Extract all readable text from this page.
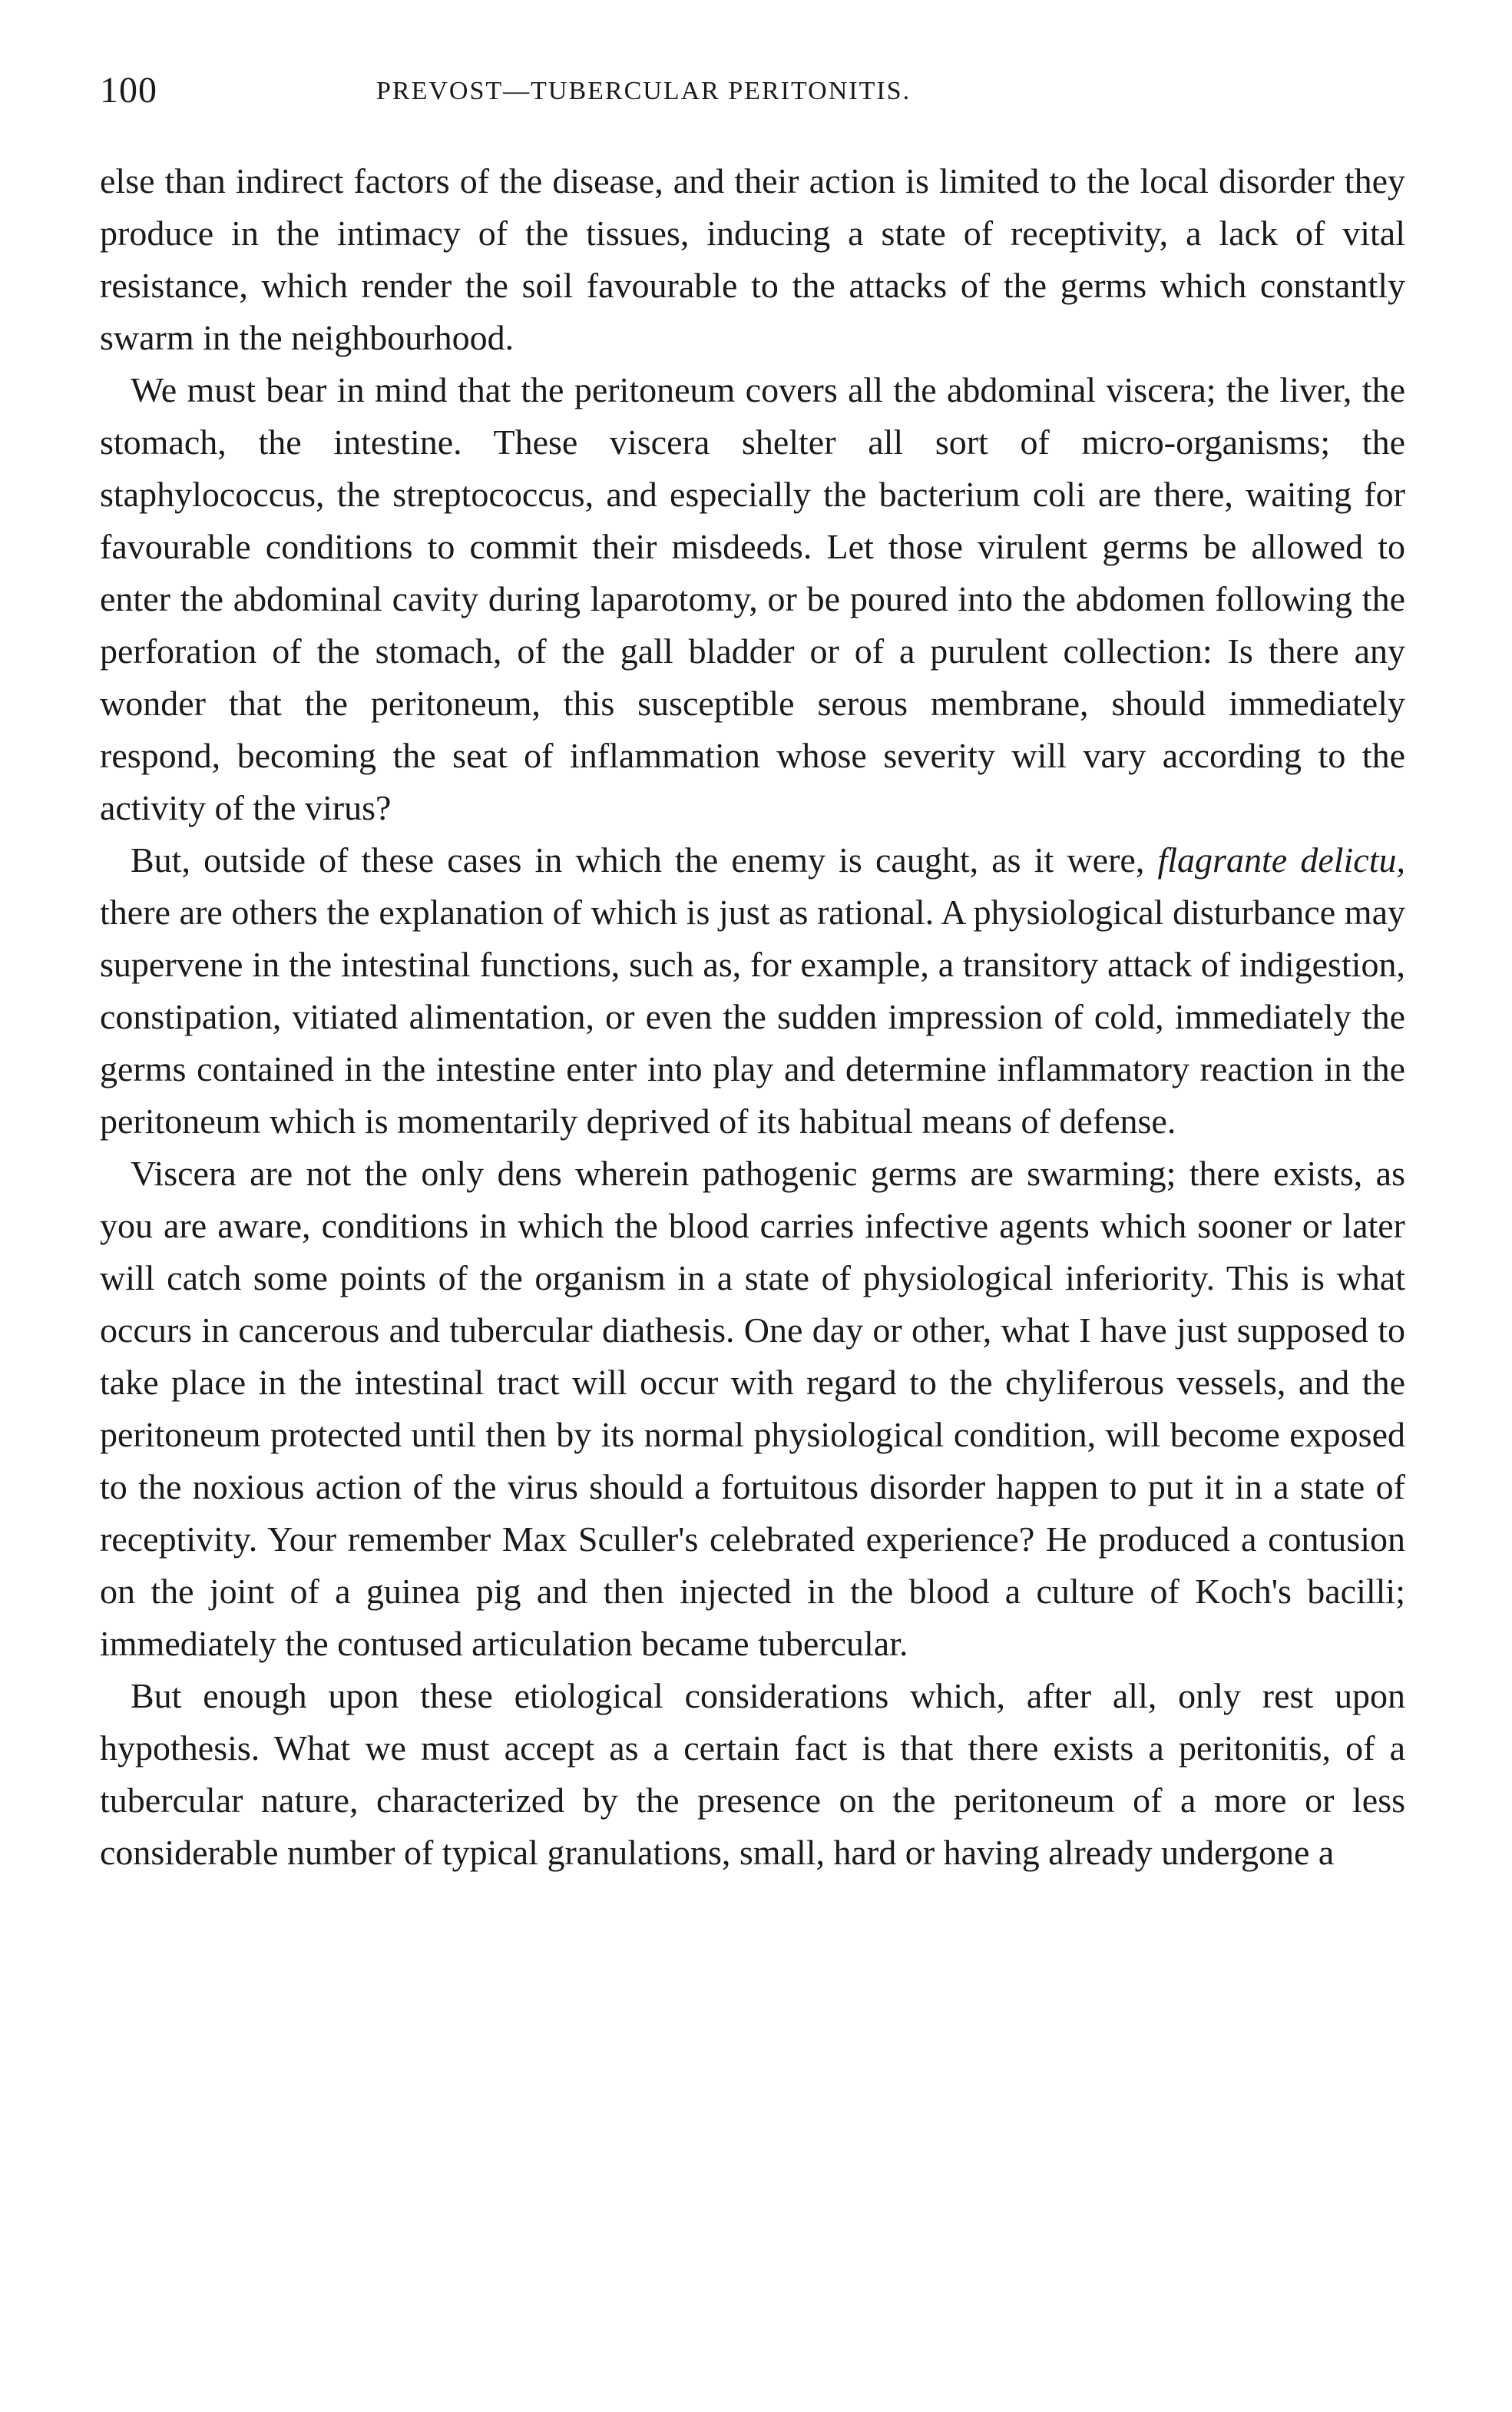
100	PREVOST—TUBERCULAR PERITONITIS.

else than indirect factors of the disease, and their action is limited to the local disorder they produce in the intimacy of the tissues, inducing a state of receptivity, a lack of vital resistance, which render the soil favourable to the attacks of the germs which constantly swarm in the neighbourhood.

We must bear in mind that the peritoneum covers all the abdominal viscera; the liver, the stomach, the intestine. These viscera shelter all sort of micro-organisms; the staphylococcus, the streptococcus, and especially the bacterium coli are there, waiting for favourable conditions to commit their misdeeds. Let those virulent germs be allowed to enter the abdominal cavity during laparotomy, or be poured into the abdomen following the perforation of the stomach, of the gall bladder or of a purulent collection: Is there any wonder that the peritoneum, this susceptible serous membrane, should immediately respond, becoming the seat of inflammation whose severity will vary according to the activity of the virus?

But, outside of these cases in which the enemy is caught, as it were, flagrante delictu, there are others the explanation of which is just as rational. A physiological disturbance may supervene in the intestinal functions, such as, for example, a transitory attack of indigestion, constipation, vitiated alimentation, or even the sudden impression of cold, immediately the germs contained in the intestine enter into play and determine inflammatory reaction in the peritoneum which is momentarily deprived of its habitual means of defense.

Viscera are not the only dens wherein pathogenic germs are swarming; there exists, as you are aware, conditions in which the blood carries infective agents which sooner or later will catch some points of the organism in a state of physiological inferiority. This is what occurs in cancerous and tubercular diathesis. One day or other, what I have just supposed to take place in the intestinal tract will occur with regard to the chyliferous vessels, and the peritoneum protected until then by its normal physiological condition, will become exposed to the noxious action of the virus should a fortuitous disorder happen to put it in a state of receptivity. Your remember Max Sculler's celebrated experience? He produced a contusion on the joint of a guinea pig and then injected in the blood a culture of Koch's bacilli; immediately the contused articulation became tubercular.

But enough upon these etiological considerations which, after all, only rest upon hypothesis. What we must accept as a certain fact is that there exists a peritonitis, of a tubercular nature, characterized by the presence on the peritoneum of a more or less considerable number of typical granulations, small, hard or having already undergone a
